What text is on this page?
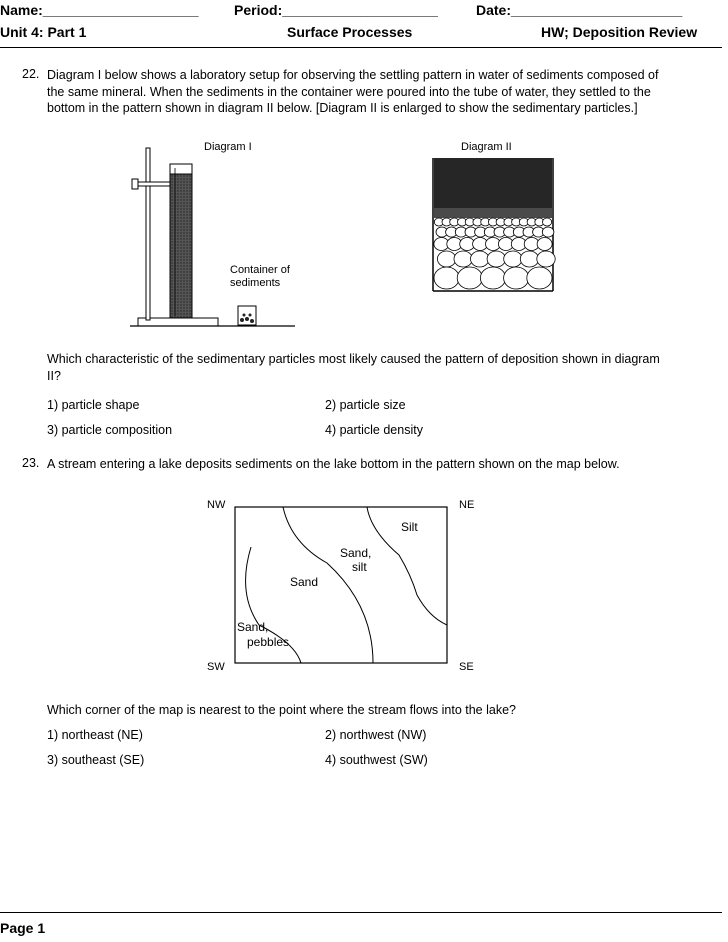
Name:____________________	Period:____________________	Date:______________________
Unit 4: Part 1	Surface Processes	HW; Deposition Review
22. Diagram I below shows a laboratory setup for observing the settling pattern in water of sediments composed of the same mineral. When the sediments in the container were poured into the tube of water, they settled to the bottom in the pattern shown in diagram II below. [Diagram II is enlarged to show the sedimentary particles.]
Diagram I
Container of
sediments
Diagram II
Which characteristic of the sedimentary particles most likely caused the pattern of deposition shown in diagram II?
1) particle shape	2) particle size
3) particle composition	4) particle density
23. A stream entering a lake deposits sediments on the lake bottom in the pattern shown on the map below.
NW	NE
SW	SE
Silt
Sand,
silt
Sand
Sand,
pebbles
Which corner of the map is nearest to the point where the stream flows into the lake?
1) northeast (NE)	2) northwest (NW)
3) southeast (SE)	4) southwest (SW)
Page 1
